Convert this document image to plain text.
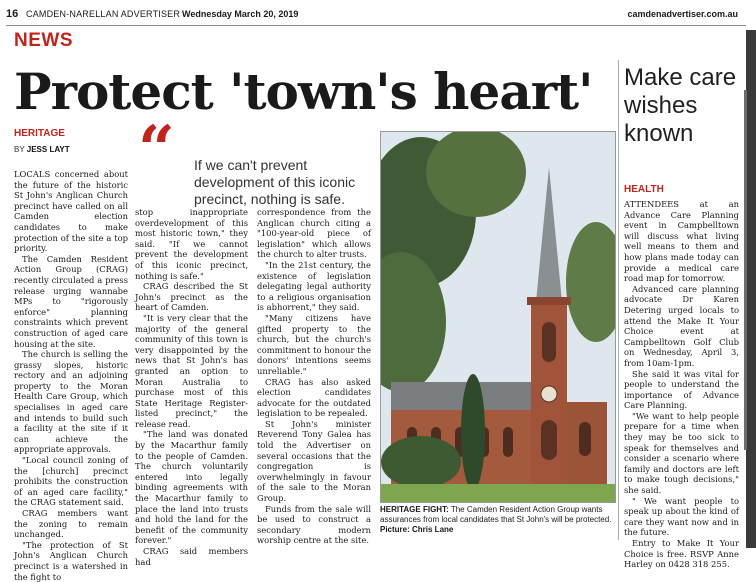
16 CAMDEN-NARELLAN ADVERTISER Wednesday March 20, 2019	camdenadvertiser.com.au
NEWS
Protect 'town's heart'
HERITAGE
BY JESS LAYT “ If we can't prevent development of this iconic precinct, nothing is safe.

LOCALS concerned about the future of the historic St John's Anglican Church precinct have called on all Camden election candidates to make protection of the site a top priority.

The Camden Resident Action Group (CRAG) recently circulated a press release urging wannabe MPs to "rigorously enforce" planning constraints which prevent construction of aged care housing at the site.

The church is selling the grassy slopes, historic rectory and an adjoining property to the Moran Health Care Group, which specialises in aged care and intends to build such a facility at the site if it can achieve the appropriate approvals.

"Local council zoning of the [church] precinct prohibits the construction of an aged care facility," the CRAG statement said.

CRAG members want the zoning to remain unchanged.

"The protection of St John's Anglican Church precinct is a watershed in the fight to

stop inappropriate overdevelopment of this most historic town," they said. "If we cannot prevent the development of this iconic precinct, nothing is safe."

CRAG described the St John's precinct as the heart of Camden.

"It is very clear that the majority of the general community of this town is very disappointed by the news that St John's has granted an option to Moran Australia to purchase most of this State Heritage Register-listed precinct," the release read.

"The land was donated by the Macarthur family to the people of Camden. The church voluntarily entered into legally binding agreements with the Macarthur family to place the land into trusts and hold the land for the benefit of the community forever."

CRAG said members had

correspondence from the Anglican church citing a "100-year-old piece of legislation" which allows the church to alter trusts.

"In the 21st century, the existence of legislation delegating legal authority to a religious organisation is abhorrent," they said.

"Many citizens have gifted property to the church, but the church's commitment to honour the donors' intentions seems unreliable."

CRAG has also asked election candidates advocate for the outdated legislation to be repealed.

St John's minister Reverend Tony Galea has told the Advertiser on several occasions that the congregation is overwhelmingly in favour of the sale to the Moran Group.

Funds from the sale will be used to construct a secondary modern worship centre at the site.

HERITAGE FIGHT: The Camden Resident Action Group wants assurances from local candidates that St John's will be protected. Picture: Chris Lane
Make care wishes known
HEALTH

ATTENDEES at an Advance Care Planning event in Campbelltown will discuss what living well means to them and how plans made today can provide a medical care road map for tomorrow.

Advanced care planning advocate Dr Karen Detering urged locals to attend the Make It Your Choice event at Campbelltown Golf Club on Wednesday, April 3, from 10am-1pm.

She said it was vital for people to understand the importance of Advance Care Planning.

"We want to help people prepare for a time when they may be too sick to speak for themselves and consider a scenario where family and doctors are left to make tough decisions," she said.

" We want people to speak up about the kind of care they want now and in the future.

Entry to Make It Your Choice is free. RSVP Anne Harley on 0428 318 255.
